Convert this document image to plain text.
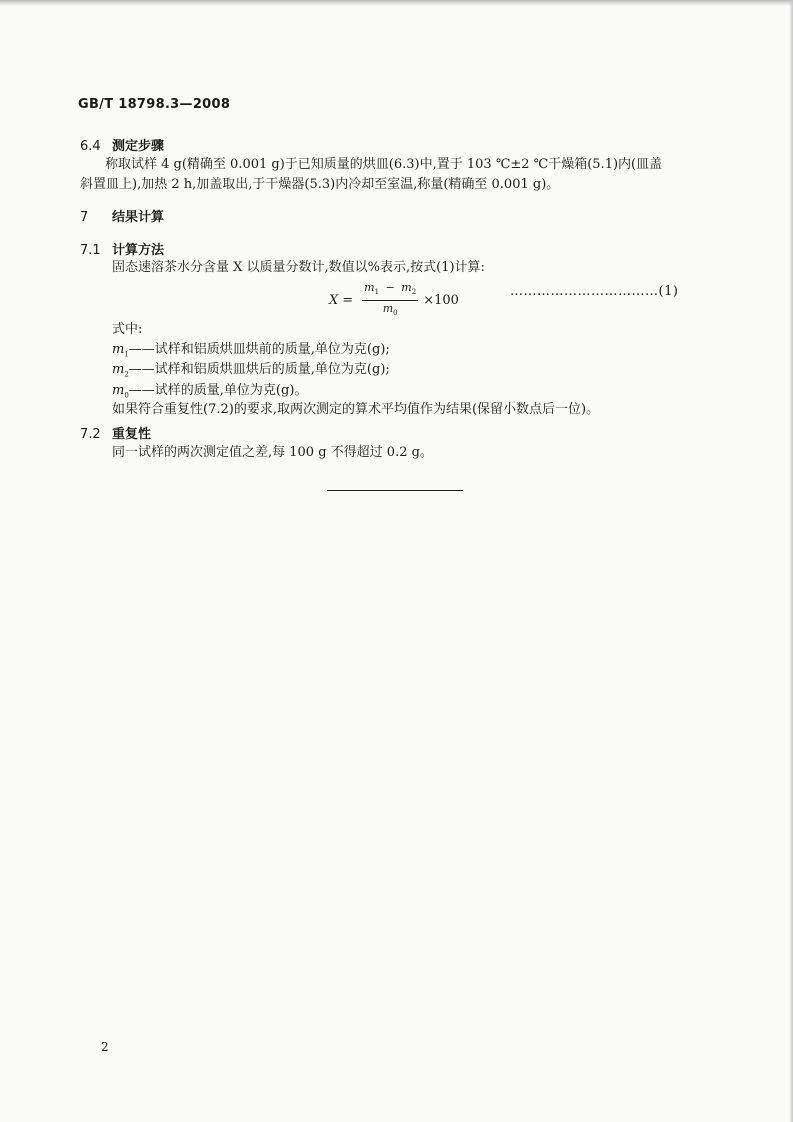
GB/T 18798.3—2008
6.4 测定步骤
称取试样 4 g(精确至 0.001 g)于已知质量的烘皿(6.3)中,置于 103 ℃±2 ℃干燥箱(5.1)内(皿盖
斜置皿上),加热 2 h,加盖取出,于干燥器(5.3)内冷却至室温,称量(精确至 0.001 g)。
7 结果计算
7.1 计算方法
固态速溶茶水分含量 X 以质量分数计,数值以%表示,按式(1)计算:
$X = \frac{m_1 - m_2}{m_0} \times 100$
……………………………(1)
式中:
$m_1——$试样和铝质烘皿烘前的质量,单位为克(g);
$m_2——$试样和铝质烘皿烘后的质量,单位为克(g);
$m_0——$试样的质量,单位为克(g)。
如果符合重复性(7.2)的要求,取两次测定的算术平均值作为结果(保留小数点后一位)。
7.2 重复性
同一试样的两次测定值之差,每 100 g 不得超过 0.2 g。
2
